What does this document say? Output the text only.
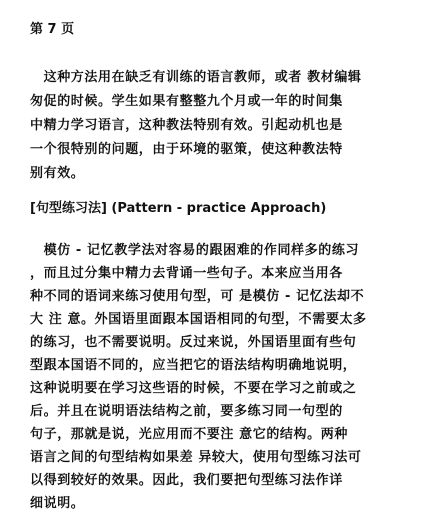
第 7 页
　这种方法用在缺乏有训练的语言教师，或者 教材编辑
匆促的时候。学生如果有整整九个月或一年的时间集
中精力学习语言，这种教法特别有效。引起动机也是
一个很特别的问题，由于环境的驱策，使这种教法特
别有效。
[句型练习法] (Pattern - practice Approach)
　模仿 - 记忆教学法对容易的跟困难的作同样多的练习
，而且过分集中精力去背诵一些句子。本来应当用各
种不同的语词来练习使用句型，可 是模仿 - 记忆法却不
大 注 意。外国语里面跟本国语相同的句型，不需要太多
的练习，也不需要说明。反过来说，外国语里面有些句
型跟本国语不同的，应当把它的语法结构明确地说明，
这种说明要在学习这些语的时候，不要在学习之前或之
后。并且在说明语法结构之前，要多练习同一句型的
句子，那就是说，光应用而不要注 意它的结构。两种
语言之间的句型结构如果差 异较大，使用句型练习法可
以得到较好的效果。因此，我们要把句型练习法作详
细说明。
